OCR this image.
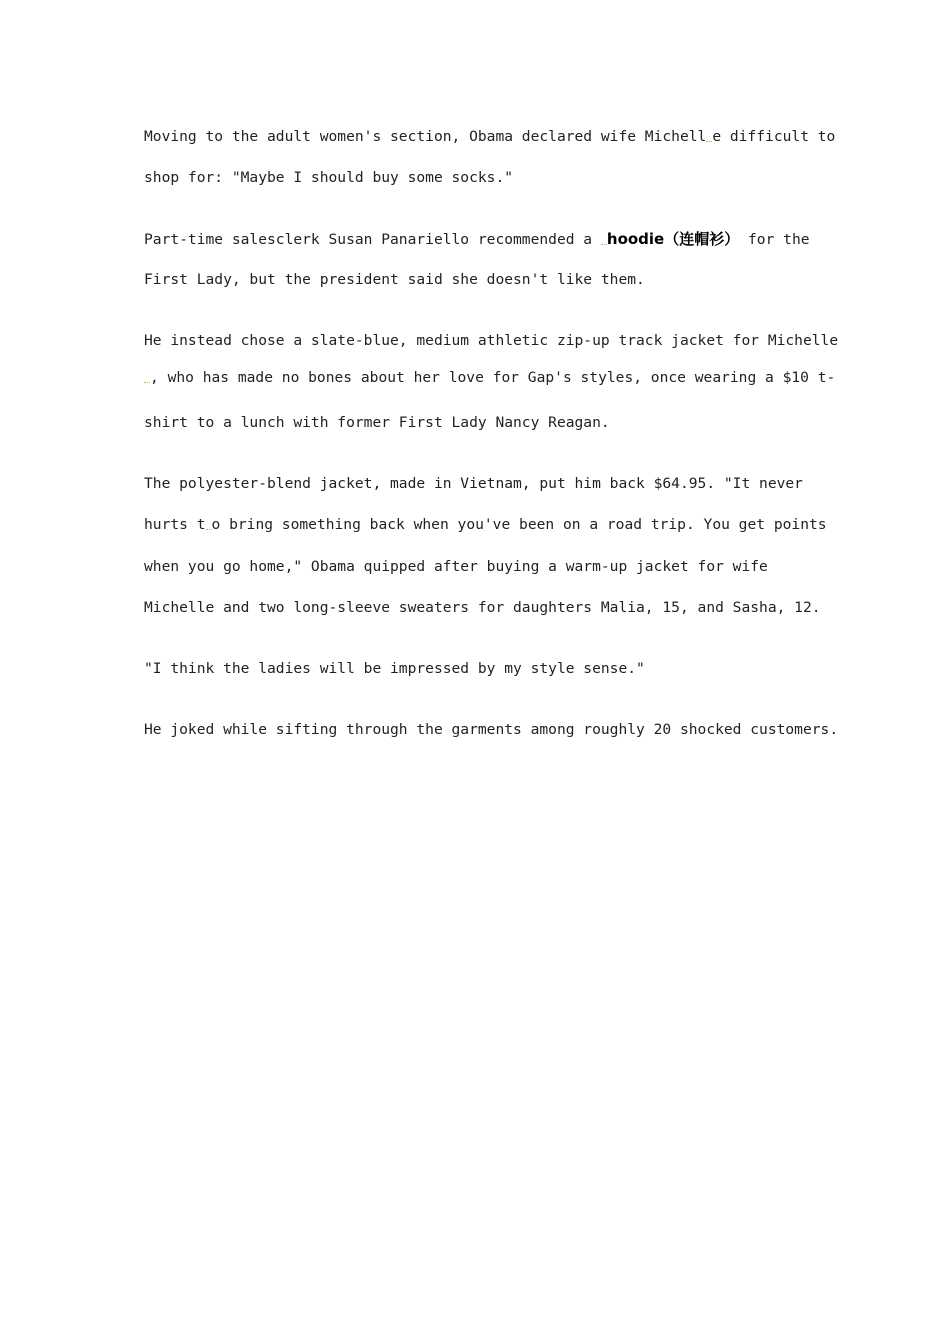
Moving to the adult women's section, Obama declared wife Michell e difficult to
shop for: "Maybe I should buy some socks."
Part-time salesclerk Susan Panariello recommended a hoodie（连帽衫） for the
First Lady, but the president said she doesn't like them.
He instead chose a slate-blue, medium athletic zip-up track jacket for Michelle
, who has made no bones about her love for Gap's styles, once wearing a $10 t-
shirt to a lunch with former First Lady Nancy Reagan.
The polyester-blend jacket, made in Vietnam, put him back $64.95. "It never
hurts t o bring something back when you've been on a road trip. You get points
when you go home," Obama quipped after buying a warm-up jacket for wife
Michelle and two long-sleeve sweaters for daughters Malia, 15, and Sasha, 12.
"I think the ladies will be impressed by my style sense."
He joked while sifting through the garments among roughly 20 shocked customers.
